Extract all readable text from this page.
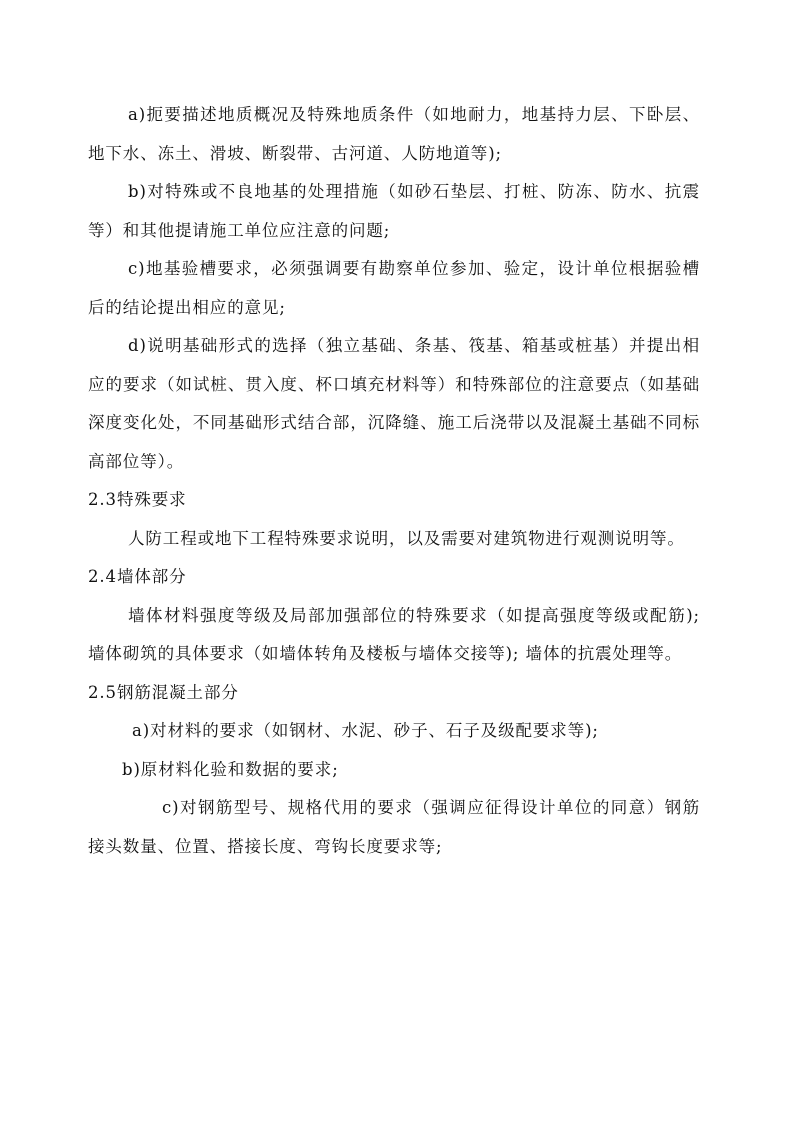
a)扼要描述地质概况及特殊地质条件（如地耐力，地基持力层、下卧层、地下水、冻土、滑坡、断裂带、古河道、人防地道等);

b)对特殊或不良地基的处理措施（如砂石垫层、打桩、防冻、防水、抗震等）和其他提请施工单位应注意的问题;

c)地基验槽要求，必须强调要有勘察单位参加、验定，设计单位根据验槽后的结论提出相应的意见;

d)说明基础形式的选择（独立基础、条基、筏基、箱基或桩基）并提出相应的要求（如试桩、贯入度、杯口填充材料等）和特殊部位的注意要点（如基础深度变化处，不同基础形式结合部，沉降缝、施工后浇带以及混凝土基础不同标高部位等）。

2.3特殊要求

人防工程或地下工程特殊要求说明，以及需要对建筑物进行观测说明等。

2.4墙体部分

墙体材料强度等级及局部加强部位的特殊要求（如提高强度等级或配筋); 墙体砌筑的具体要求（如墙体转角及楼板与墙体交接等); 墙体的抗震处理等。

2.5钢筋混凝土部分

a)对材料的要求（如钢材、水泥、砂子、石子及级配要求等);

b)原材料化验和数据的要求;

c)对钢筋型号、规格代用的要求（强调应征得设计单位的同意）钢筋接头数量、位置、搭接长度、弯钩长度要求等;
